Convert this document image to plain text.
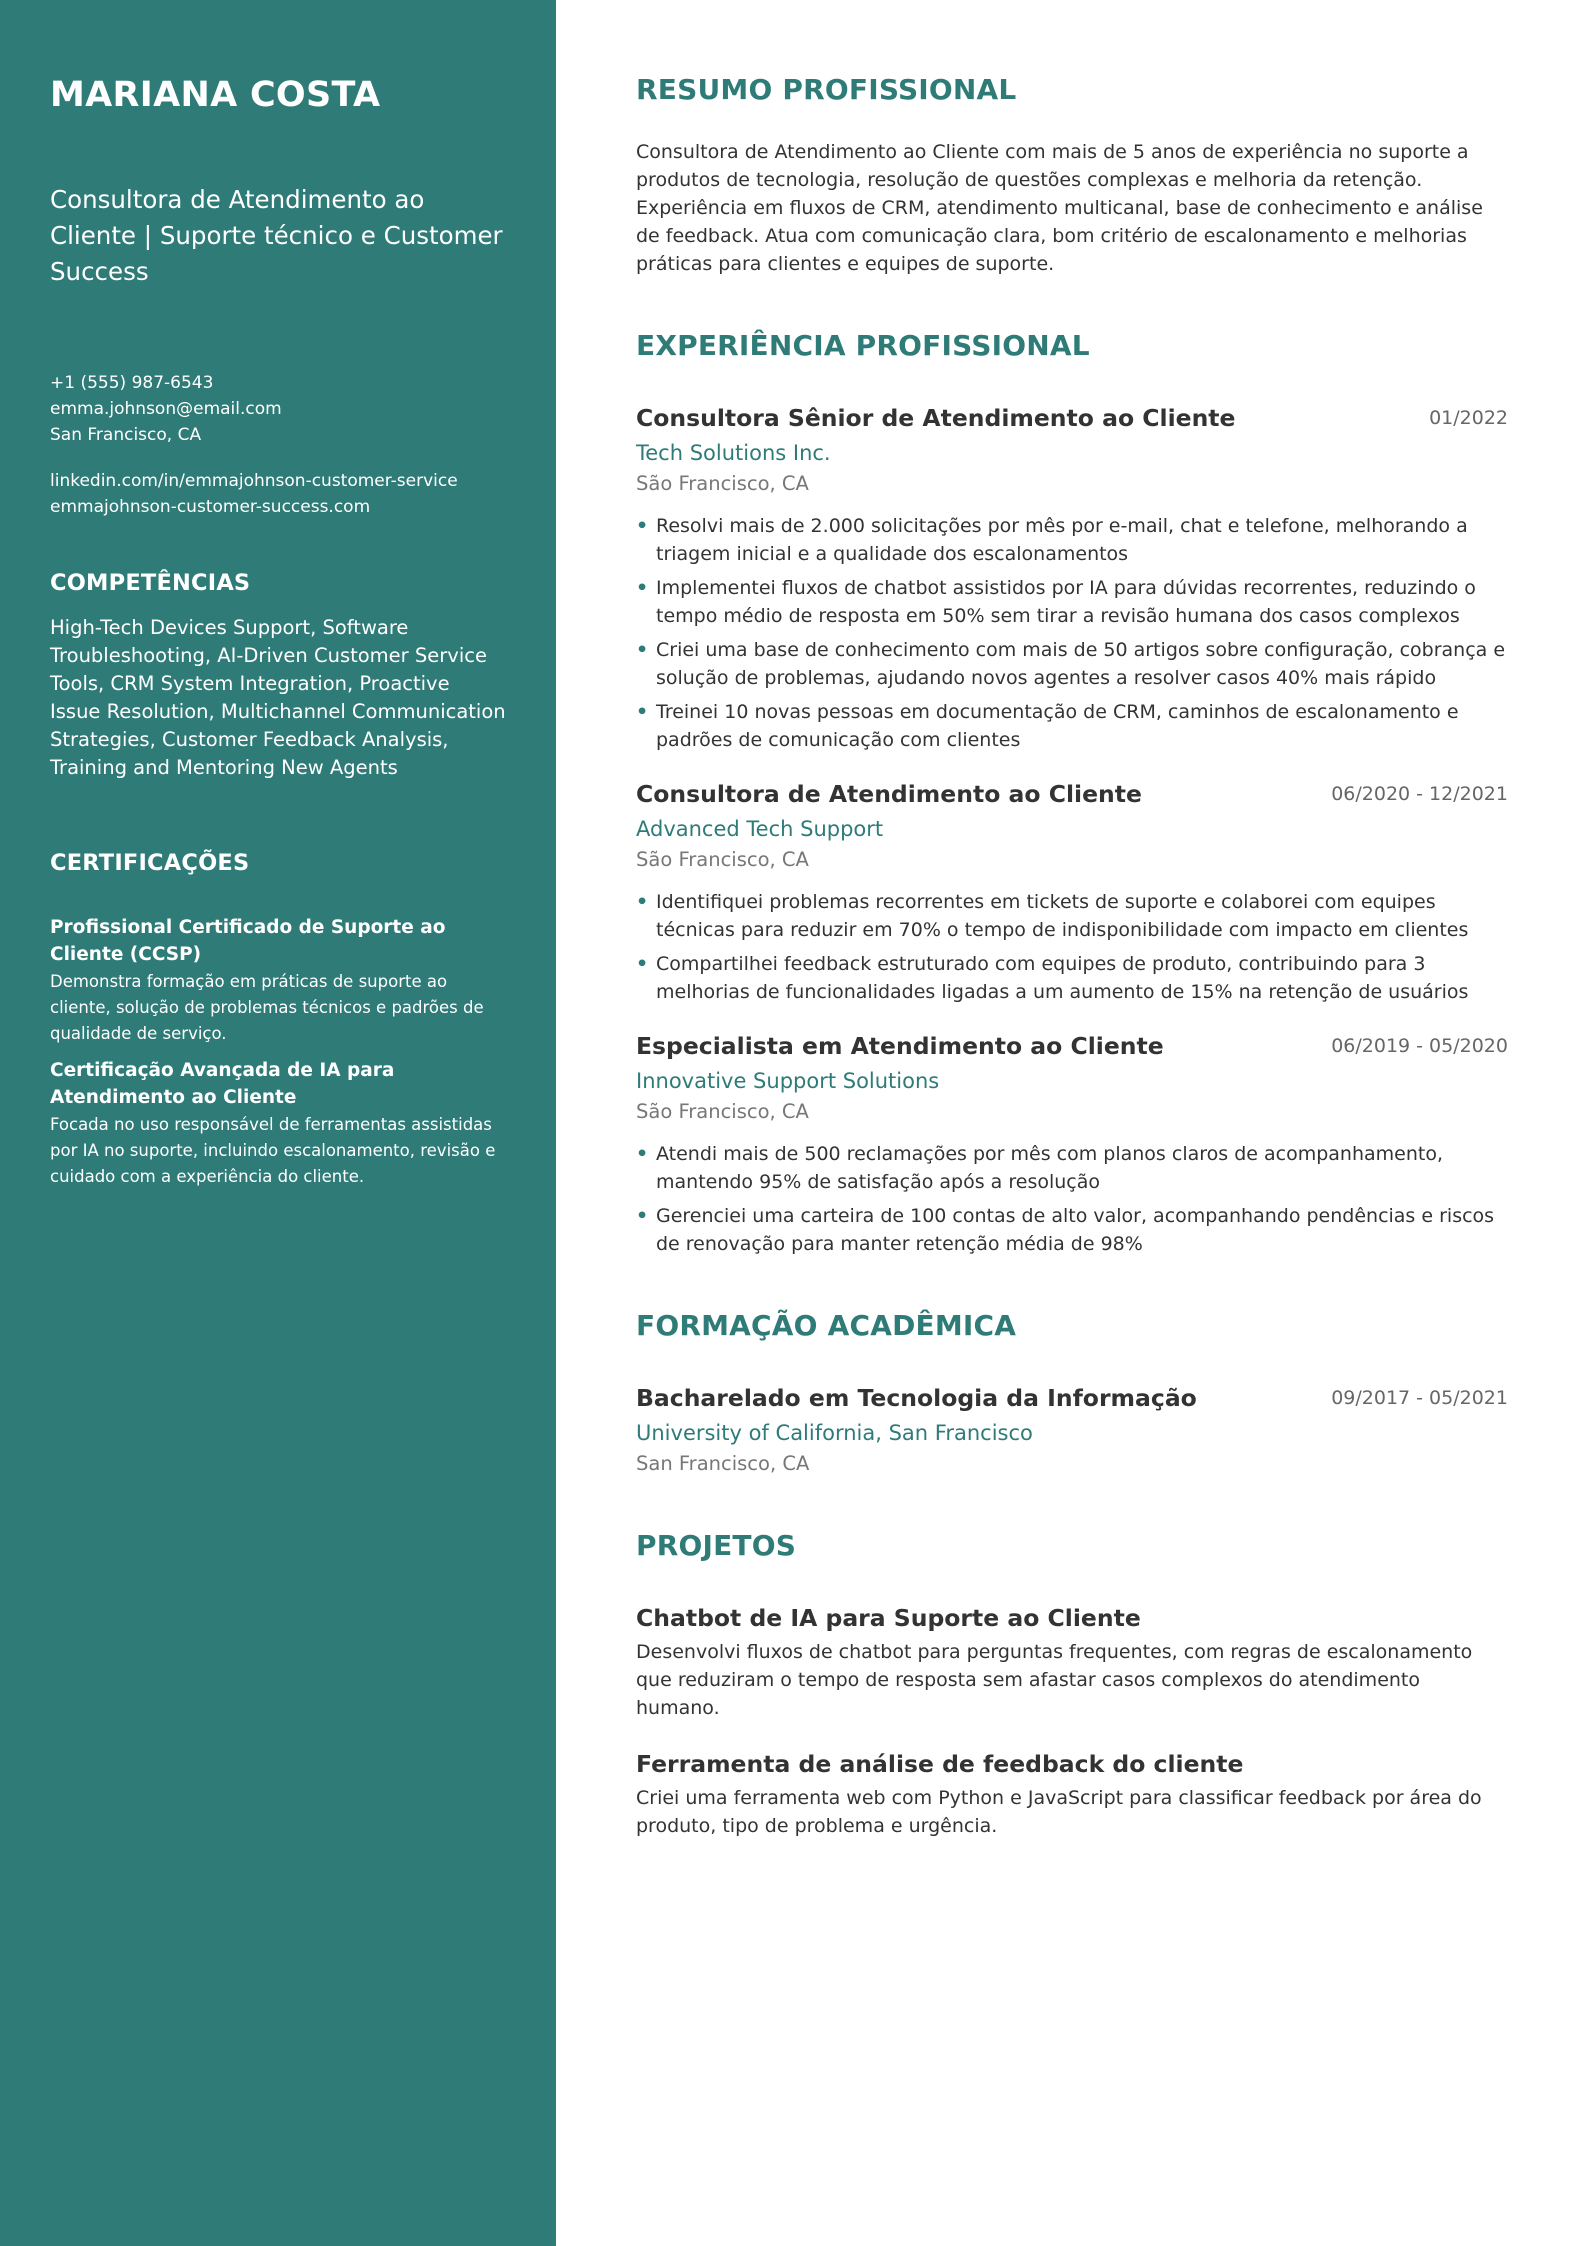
MARIANA COSTA
Consultora de Atendimento ao Cliente | Suporte técnico e Customer Success
+1 (555) 987-6543
emma.johnson@email.com
San Francisco, CA
linkedin.com/in/emmajohnson-customer-service
emmajohnson-customer-success.com
COMPETÊNCIAS

High-Tech Devices Support, Software Troubleshooting, AI-Driven Customer Service Tools, CRM System Integration, Proactive Issue Resolution, Multichannel Communication Strategies, Customer Feedback Analysis, Training and Mentoring New Agents

CERTIFICAÇÕES
Profissional Certificado de Suporte ao Cliente (CCSP)
Demonstra formação em práticas de suporte ao cliente, solução de problemas técnicos e padrões de qualidade de serviço.
Certificação Avançada de IA para Atendimento ao Cliente
Focada no uso responsável de ferramentas assistidas por IA no suporte, incluindo escalonamento, revisão e cuidado com a experiência do cliente.
RESUMO PROFISSIONAL

Consultora de Atendimento ao Cliente com mais de 5 anos de experiência no suporte a produtos de tecnologia, resolução de questões complexas e melhoria da retenção. Experiência em fluxos de CRM, atendimento multicanal, base de conhecimento e análise de feedback. Atua com comunicação clara, bom critério de escalonamento e melhorias práticas para clientes e equipes de suporte.

EXPERIÊNCIA PROFISSIONAL
Consultora Sênior de Atendimento ao Cliente	01/2022
Tech Solutions Inc.
São Francisco, CA
• Resolvi mais de 2.000 solicitações por mês por e-mail, chat e telefone, melhorando a triagem inicial e a qualidade dos escalonamentos
• Implementei fluxos de chatbot assistidos por IA para dúvidas recorrentes, reduzindo o tempo médio de resposta em 50% sem tirar a revisão humana dos casos complexos
• Criei uma base de conhecimento com mais de 50 artigos sobre configuração, cobrança e solução de problemas, ajudando novos agentes a resolver casos 40% mais rápido
• Treinei 10 novas pessoas em documentação de CRM, caminhos de escalonamento e padrões de comunicação com clientes
Consultora de Atendimento ao Cliente	06/2020 - 12/2021
Advanced Tech Support
São Francisco, CA
• Identifiquei problemas recorrentes em tickets de suporte e colaborei com equipes técnicas para reduzir em 70% o tempo de indisponibilidade com impacto em clientes
• Compartilhei feedback estruturado com equipes de produto, contribuindo para 3 melhorias de funcionalidades ligadas a um aumento de 15% na retenção de usuários
Especialista em Atendimento ao Cliente	06/2019 - 05/2020
Innovative Support Solutions
São Francisco, CA
• Atendi mais de 500 reclamações por mês com planos claros de acompanhamento, mantendo 95% de satisfação após a resolução
• Gerenciei uma carteira de 100 contas de alto valor, acompanhando pendências e riscos de renovação para manter retenção média de 98%
FORMAÇÃO ACADÊMICA
Bacharelado em Tecnologia da Informação	09/2017 - 05/2021
University of California, San Francisco
San Francisco, CA
PROJETOS
Chatbot de IA para Suporte ao Cliente
Desenvolvi fluxos de chatbot para perguntas frequentes, com regras de escalonamento que reduziram o tempo de resposta sem afastar casos complexos do atendimento humano.
Ferramenta de análise de feedback do cliente
Criei uma ferramenta web com Python e JavaScript para classificar feedback por área do produto, tipo de problema e urgência.
